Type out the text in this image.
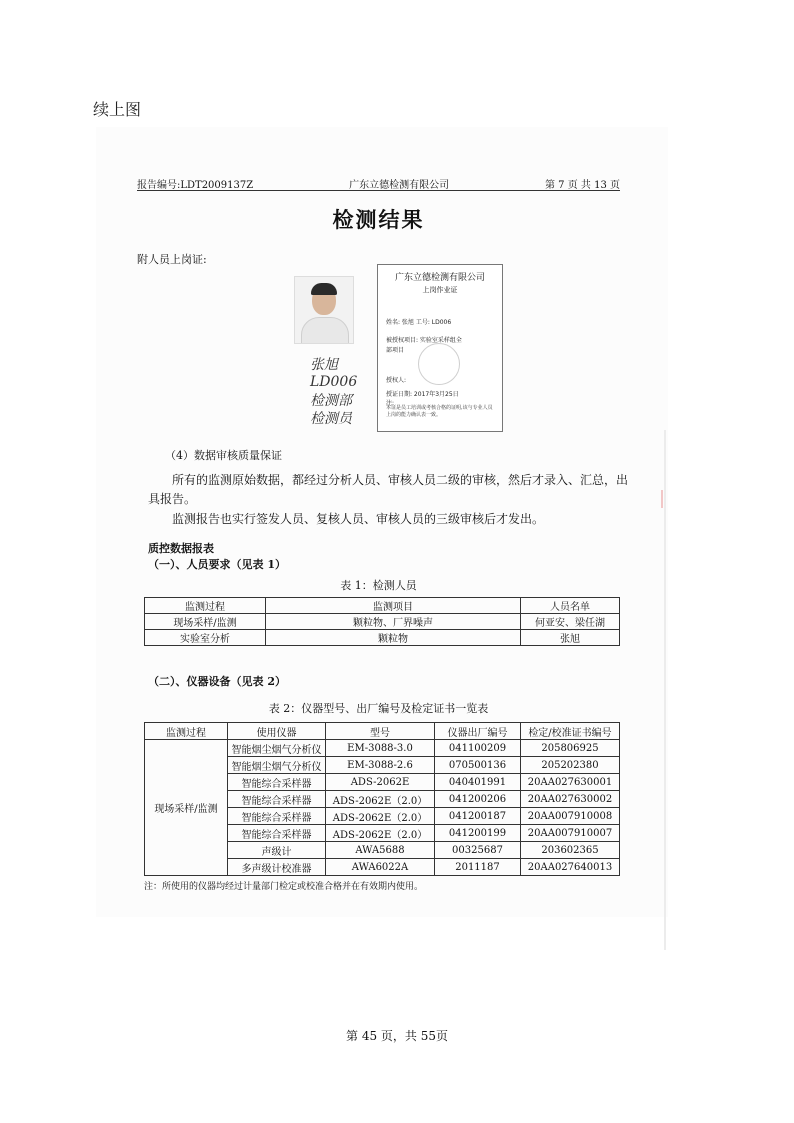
续上图
报告编号:LDT2009137Z	广东立德检测有限公司	第 7 页 共 13 页
检测结果
附人员上岗证:
张旭
LD006
检测部
检测员
广东立德检测有限公司
上岗作业证
姓名: 张旭 工号: LD006
被授权项目: 实验室采样组全
部项目
授权人:
授证日期: 2017年3月25日
注:
本证是员工培训或考核合格的证明,该与专业人员上岗的能力确认表一致。
（4）数据审核质量保证
所有的监测原始数据，都经过分析人员、审核人员二级的审核，然后才录入、汇总，出具报告。
监测报告也实行签发人员、复核人员、审核人员的三级审核后才发出。
质控数据报表
（一）、人员要求（见表 1）
表 1：检测人员
监测过程	监测项目	人员名单
现场采样/监测	颗粒物、厂界噪声	何亚安、梁任湖
实验室分析	颗粒物	张旭
（二）、仪器设备（见表 2）
表 2：仪器型号、出厂编号及检定证书一览表
监测过程	使用仪器	型号	仪器出厂编号	检定/校准证书编号
现场采样/监测	智能烟尘烟气分析仪	EM-3088-3.0	041100209	205806925
	智能烟尘烟气分析仪	EM-3088-2.6	070500136	205202380
	智能综合采样器	ADS-2062E	040401991	20AA027630001
	智能综合采样器	ADS-2062E（2.0）	041200206	20AA027630002
	智能综合采样器	ADS-2062E（2.0）	041200187	20AA007910008
	智能综合采样器	ADS-2062E（2.0）	041200199	20AA007910007
	声级计	AWA5688	00325687	203602365
	多声级计校准器	AWA6022A	2011187	20AA027640013
注：所使用的仪器均经过计量部门检定或校准合格并在有效期内使用。
第 45 页，共 55页
